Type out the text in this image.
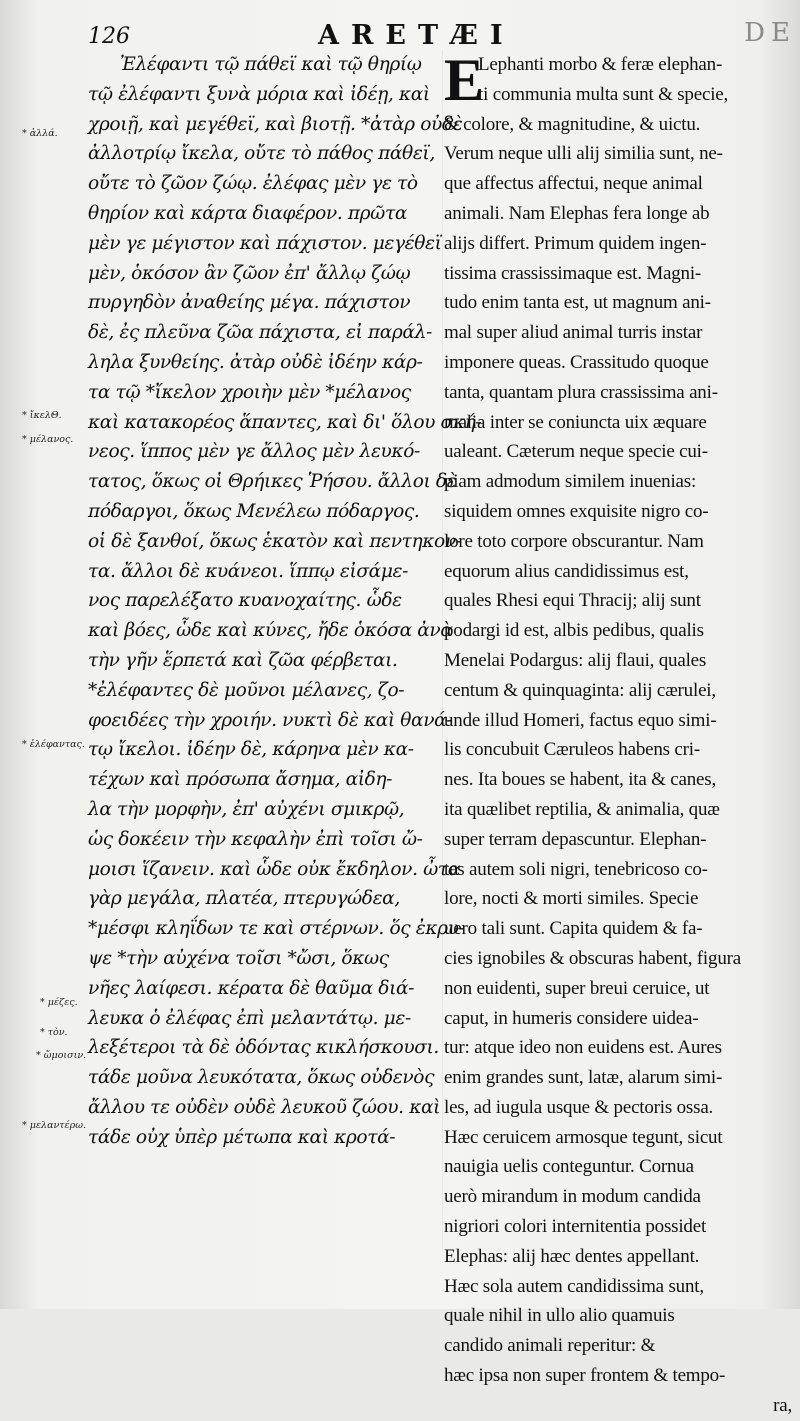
126	ARETÆI	DE
* ἀλλά.
* ἴκελΘ.
* μέλανος.
* ἐλέφαντας.
* μέζες.
* τὸν.
* ὤμοισιν.
* μελαντέρω.
Ἐλέφαντι τῷ πάθεϊ καὶ τῷ θηρίῳ
τῷ ἐλέφαντι ξυνὰ μόρια καὶ ἰδέῃ, καὶ
χροιῇ, καὶ μεγέθεϊ, καὶ βιοτῇ. *ἀτὰρ οὐδὲ
ἀλλοτρίῳ ἴκελα, οὔτε τὸ πάθος πάθεϊ,
οὔτε τὸ ζῶον ζώῳ. ἐλέφας μὲν γε τὸ
θηρίον καὶ κάρτα διαφέρον. πρῶτα
μὲν γε μέγιστον καὶ πάχιστον. μεγέθεϊ
μὲν, ὁκόσον ἂν ζῶον ἐπ' ἄλλῳ ζώῳ
πυργηδὸν ἀναθείης μέγα. πάχιστον
δὲ, ἐς πλεῦνα ζῶα πάχιστα, εἰ παράλ-
ληλα ξυνθείης. ἀτὰρ οὐδὲ ἰδέην κάρ-
τα τῷ *ἴκελον χροιὴν μὲν *μέλανος
καὶ κατακορέος ἅπαντες, καὶ δι' ὅλου σκή-
νεος. ἵππος μὲν γε ἄλλος μὲν λευκό-
τατος, ὅκως οἱ Θρήικες Ῥήσου. ἄλλοι δὲ
πόδαργοι, ὅκως Μενέλεω πόδαργος.
οἱ δὲ ξανθοί, ὅκως ἑκατὸν καὶ πεντηκον-
τα. ἄλλοι δὲ κυάνεοι. ἵππῳ εἰσάμε-
νος παρελέξατο κυανοχαίτης. ὧδε
καὶ βόες, ὧδε καὶ κύνες, ἤδε ὁκόσα ἀνὰ
τὴν γῆν ἕρπετά καὶ ζῶα φέρβεται.
*ἐλέφαντες δὲ μοῦνοι μέλανες, ζο-
φοειδέες τὴν χροιήν. νυκτὶ δὲ καὶ θανά-
τῳ ἴκελοι. ἰδέην δὲ, κάρηνα μὲν κα-
τέχων καὶ πρόσωπα ἄσημα, αἰδη-
λα τὴν μορφὴν, ἐπ' αὐχένι σμικρῷ,
ὡς δοκέειν τὴν κεφαλὴν ἐπὶ τοῖσι ὤ-
μοισι ἵζανειν. καὶ ὧδε οὐκ ἔκδηλον. ὦτα
γὰρ μεγάλα, πλατέα, πτερυγώδεα,
*μέσφι κληΐδων τε καὶ στέρνων. ὅς ἐκρυ-
ψε *τὴν αὐχένα τοῖσι *ὤσι, ὅκως
νῆες λαίφεσι. κέρατα δὲ θαῦμα διά-
λευκα ὁ ἐλέφας ἐπὶ μελαντάτῳ. με-
λεξέτεροι τὰ δὲ ὀδόντας κικλήσκουσι.
τάδε μοῦνα λευκότατα, ὅκως οὐδενὸς
ἄλλου τε οὐδὲν οὐδὲ λευκοῦ ζώου. καὶ
τάδε οὐχ ὑπὲρ μέτωπα καὶ κροτά-
E
Lephanti morbo & feræ elephan-
ti communia multa sunt & specie,
& colore, & magnitudine, & uictu.
Verum neque ulli alij similia sunt, ne-
que affectus affectui, neque animal
animali. Nam Elephas fera longe ab
alijs differt. Primum quidem ingen-
tissima crassissimaque est. Magni-
tudo enim tanta est, ut magnum ani-
mal super aliud animal turris instar
imponere queas. Crassitudo quoque
tanta, quantam plura crassissima ani-
malia inter se coniuncta uix æquare
ualeant. Cæterum neque specie cui-
piam admodum similem inuenias:
siquidem omnes exquisite nigro co-
lore toto corpore obscurantur. Nam
equorum alius candidissimus est,
quales Rhesi equi Thracij; alij sunt
podargi id est, albis pedibus, qualis
Menelai Podargus: alij flaui, quales
centum & quinquaginta: alij cærulei,
unde illud Homeri, factus equo simi-
lis concubuit Cæruleos habens cri-
nes. Ita boues se habent, ita & canes,
ita quælibet reptilia, & animalia, quæ
super terram depascuntur. Elephan-
tes autem soli nigri, tenebricoso co-
lore, nocti & morti similes. Specie
uero tali sunt. Capita quidem & fa-
cies ignobiles & obscuras habent, figura
non euidenti, super breui ceruice, ut
caput, in humeris considere uidea-
tur: atque ideo non euidens est. Aures
enim grandes sunt, latæ, alarum simi-
les, ad iugula usque & pectoris ossa.
Hæc ceruicem armosque tegunt, sicut
nauigia uelis conteguntur. Cornua
uerò mirandum in modum candida
nigriori colori internitentia possidet
Elephas: alij hæc dentes appellant.
Hæc sola autem candidissima sunt,
quale nihil in ullo alio quamuis
candido animali reperitur: &
hæc ipsa non super frontem & tempo-
ra,
